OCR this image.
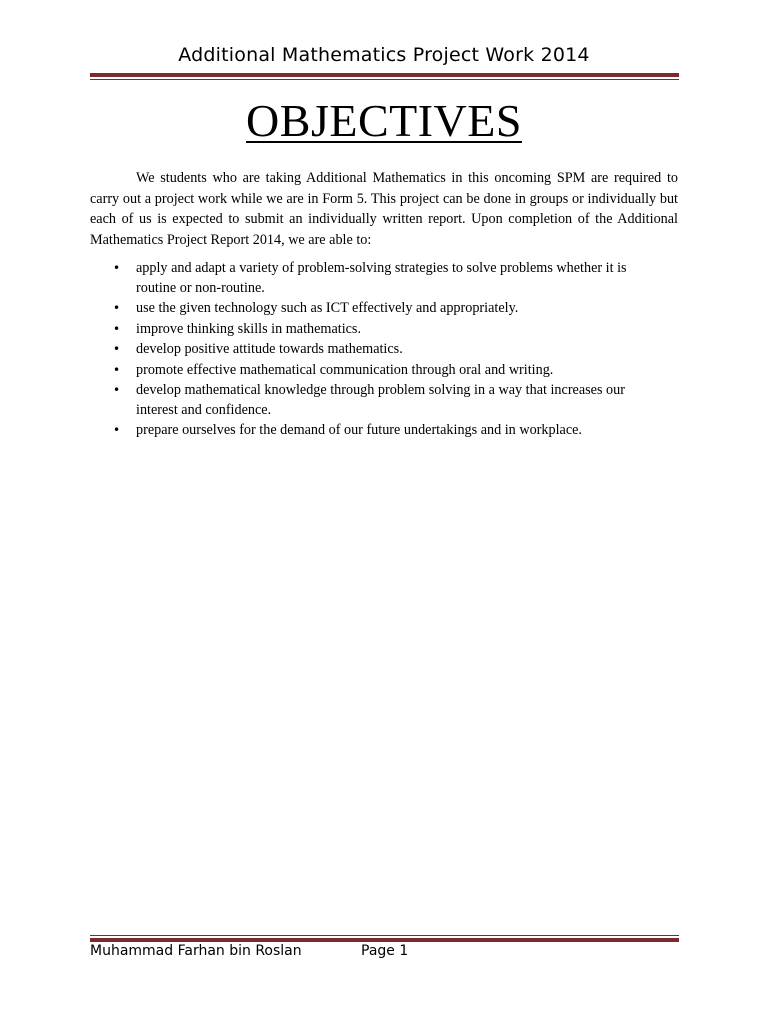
Additional Mathematics Project Work 2014
OBJECTIVES

We students who are taking Additional Mathematics in this oncoming SPM are required to carry out a project work while we are in Form 5. This project can be done in groups or individually but each of us is expected to submit an individually written report. Upon completion of the Additional Mathematics Project Report 2014, we are able to:

• apply and adapt a variety of problem-solving strategies to solve problems whether it is routine or non-routine.
• use the given technology such as ICT effectively and appropriately.
• improve thinking skills in mathematics.
• develop positive attitude towards mathematics.
• promote effective mathematical communication through oral and writing.
• develop mathematical knowledge through problem solving in a way that increases our interest and confidence.
• prepare ourselves for the demand of our future undertakings and in workplace.
Muhammad Farhan bin Roslan	Page 1
